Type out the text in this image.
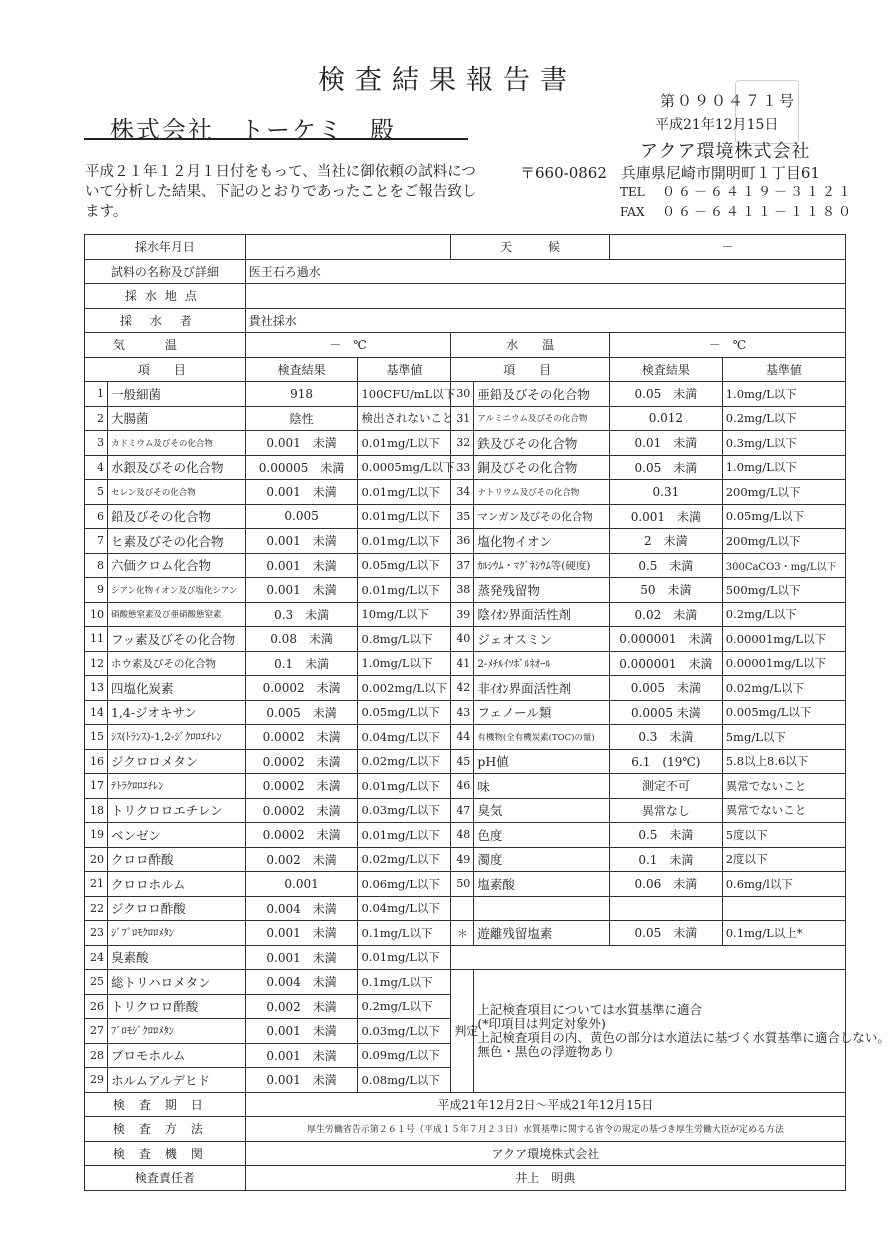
検査結果報告書
株式会社　トーケミ　殿
第０９０４７１号
平成21年12月15日
アクア環境株式会社
〒660-0862 兵庫県尼崎市開明町１丁目61
TEL ０６－６４１９－３１２１
FAX ０６－６４１１－１１８０

平成２１年１２月１日付をもって、当社に御依頼の試料について分析した結果、下記のとおりであったことをご報告致します。

採水年月日				天　　　候		－	
試料の名称及び詳細		医王石ろ過水					
採水地点							
採水者		貴社採水					
気温		－　℃		水　　温		－　℃	
項　目		検査結果	基準値	項　目		検査結果	基準値
1	一般細菌	918	100CFU/mL以下	30	亜鉛及びその化合物	0.05　未満	1.0mg/L以下
2	大腸菌	陰性	検出されないこと	31	アルミニウム及びその化合物	0.012	0.2mg/L以下
3	カドミウム及びその化合物	0.001　未満	0.01mg/L以下	32	鉄及びその化合物	0.01　未満	0.3mg/L以下
4	水銀及びその化合物	0.00005　未満	0.0005mg/L以下	33	銅及びその化合物	0.05　未満	1.0mg/L以下
5	セレン及びその化合物	0.001　未満	0.01mg/L以下	34	ナトリウム及びその化合物	0.31	200mg/L以下
6	鉛及びその化合物	0.005	0.01mg/L以下	35	マンガン及びその化合物	0.001　未満	0.05mg/L以下
7	ヒ素及びその化合物	0.001　未満	0.01mg/L以下	36	塩化物イオン	2　未満	200mg/L以下
8	六価クロム化合物	0.001　未満	0.05mg/L以下	37	ｶﾙｼｳﾑ・ﾏｸﾞﾈｼｳﾑ等(硬度)	0.5　未満	300CaCO3・mg/L以下
9	シアン化物イオン及び塩化シアン	0.001　未満	0.01mg/L以下	38	蒸発残留物	50　未満	500mg/L以下
10	硝酸態窒素及び亜硝酸態窒素	0.3　未満	10mg/L以下	39	陰ｲｵﾝ界面活性剤	0.02　未満	0.2mg/L以下
11	フッ素及びその化合物	0.08　未満	0.8mg/L以下	40	ジェオスミン	0.000001　未満	0.00001mg/L以下
12	ホウ素及びその化合物	0.1　未満	1.0mg/L以下	41	2-ﾒﾁﾙｲｿﾎﾞﾙﾈｵｰﾙ	0.000001　未満	0.00001mg/L以下
13	四塩化炭素	0.0002　未満	0.002mg/L以下	42	非ｲｵﾝ界面活性剤	0.005　未満	0.02mg/L以下
14	1,4-ジオキサン	0.005　未満	0.05mg/L以下	43	フェノール類	0.0005 未満	0.005mg/L以下
15	ｼｽ(ﾄﾗﾝｽ)-1,2-ｼﾞｸﾛﾛｴﾁﾚﾝ	0.0002　未満	0.04mg/L以下	44	有機物(全有機炭素(TOC)の量)	0.3　未満	5mg/L以下
16	ジクロロメタン	0.0002　未満	0.02mg/L以下	45	pH値	6.1　(19℃)	5.8以上8.6以下
17	ﾃﾄﾗｸﾛﾛｴﾁﾚﾝ	0.0002　未満	0.01mg/L以下	46	味	測定不可	異常でないこと
18	トリクロロエチレン	0.0002　未満	0.03mg/L以下	47	臭気	異常なし	異常でないこと
19	ベンゼン	0.0002　未満	0.01mg/L以下	48	色度	0.5　未満	5度以下
20	クロロ酢酸	0.002　未満	0.02mg/L以下	49	濁度	0.1　未満	2度以下
21	クロロホルム	0.001	0.06mg/L以下	50	塩素酸	0.06　未満	0.6mg/l以下
22	ジクロロ酢酸	0.004　未満	0.04mg/L以下				
23	ｼﾞﾌﾞﾛﾓｸﾛﾛﾒﾀﾝ	0.001　未満	0.1mg/L以下	＊	遊離残留塩素	0.05　未満	0.1mg/L以上*
24	臭素酸	0.001　未満	0.01mg/L以下				
25	総トリハロメタン	0.004　未満	0.1mg/L以下	判定	上記検査項目については水質基準に適合
(*印項目は判定対象外)
上記検査項目の内、黄色の部分は水道法に基づく水質基準に適合しない。
無色・黒色の浮遊物あり		

26	トリクロロ酢酸	0.002　未満	0.2mg/L以下				
27	ﾌﾞﾛﾓｼﾞｸﾛﾛﾒﾀﾝ	0.001　未満	0.03mg/L以下				
28	ブロモホルム	0.001　未満	0.09mg/L以下				
29	ホルムアルデヒド	0.001　未満	0.08mg/L以下				
検査期日		平成21年12月2日～平成21年12月15日					
検査方法		厚生労働省告示第２６１号（平成１５年７月２３日）水質基準に関する省令の規定の基づき厚生労働大臣が定める方法					
検査機関		アクア環境株式会社					
検査責任者		井上　明典					
